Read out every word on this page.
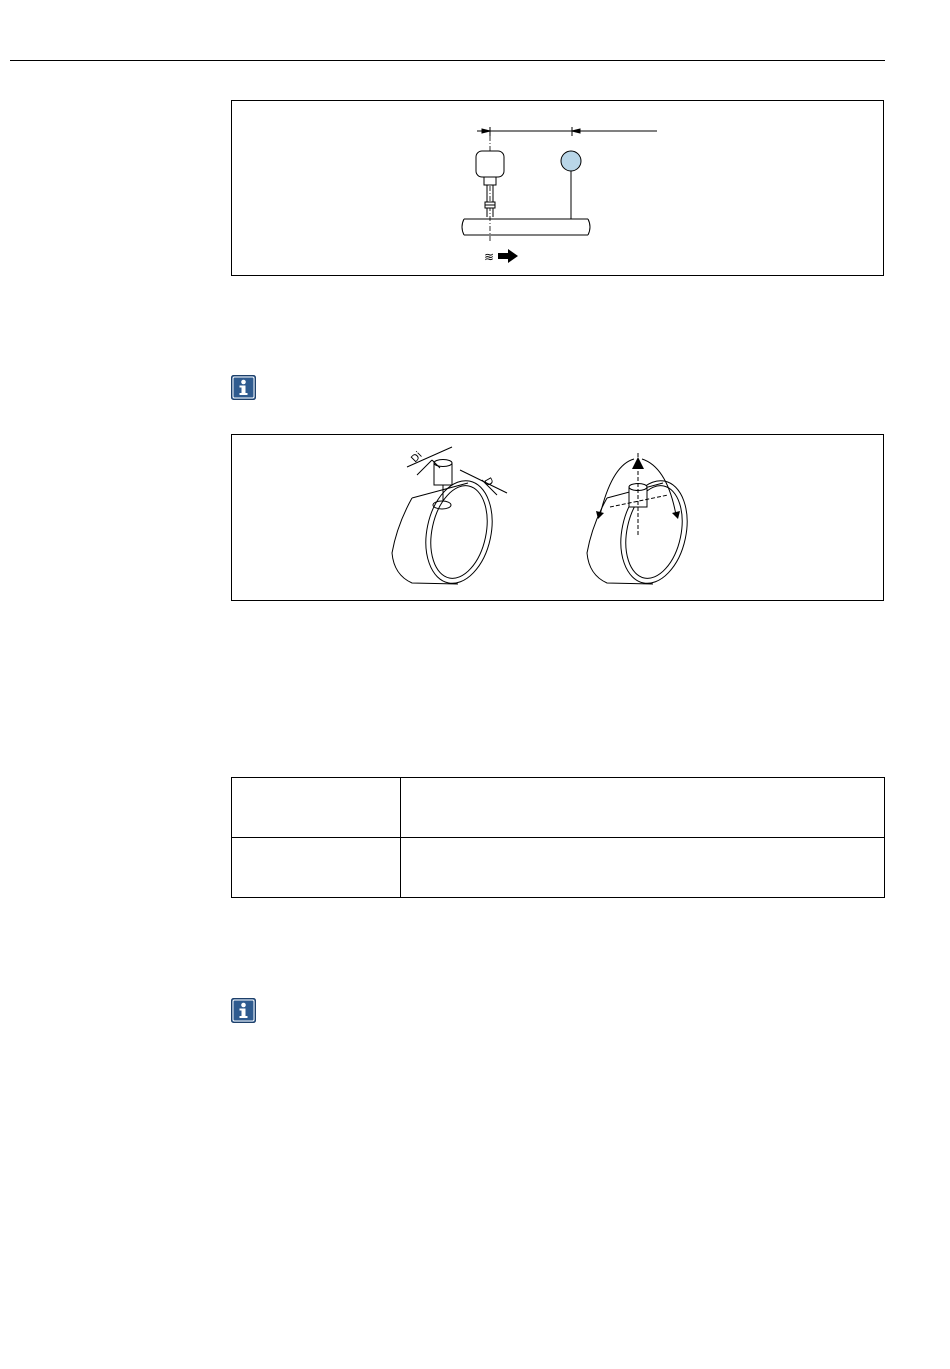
≋
Di
D
